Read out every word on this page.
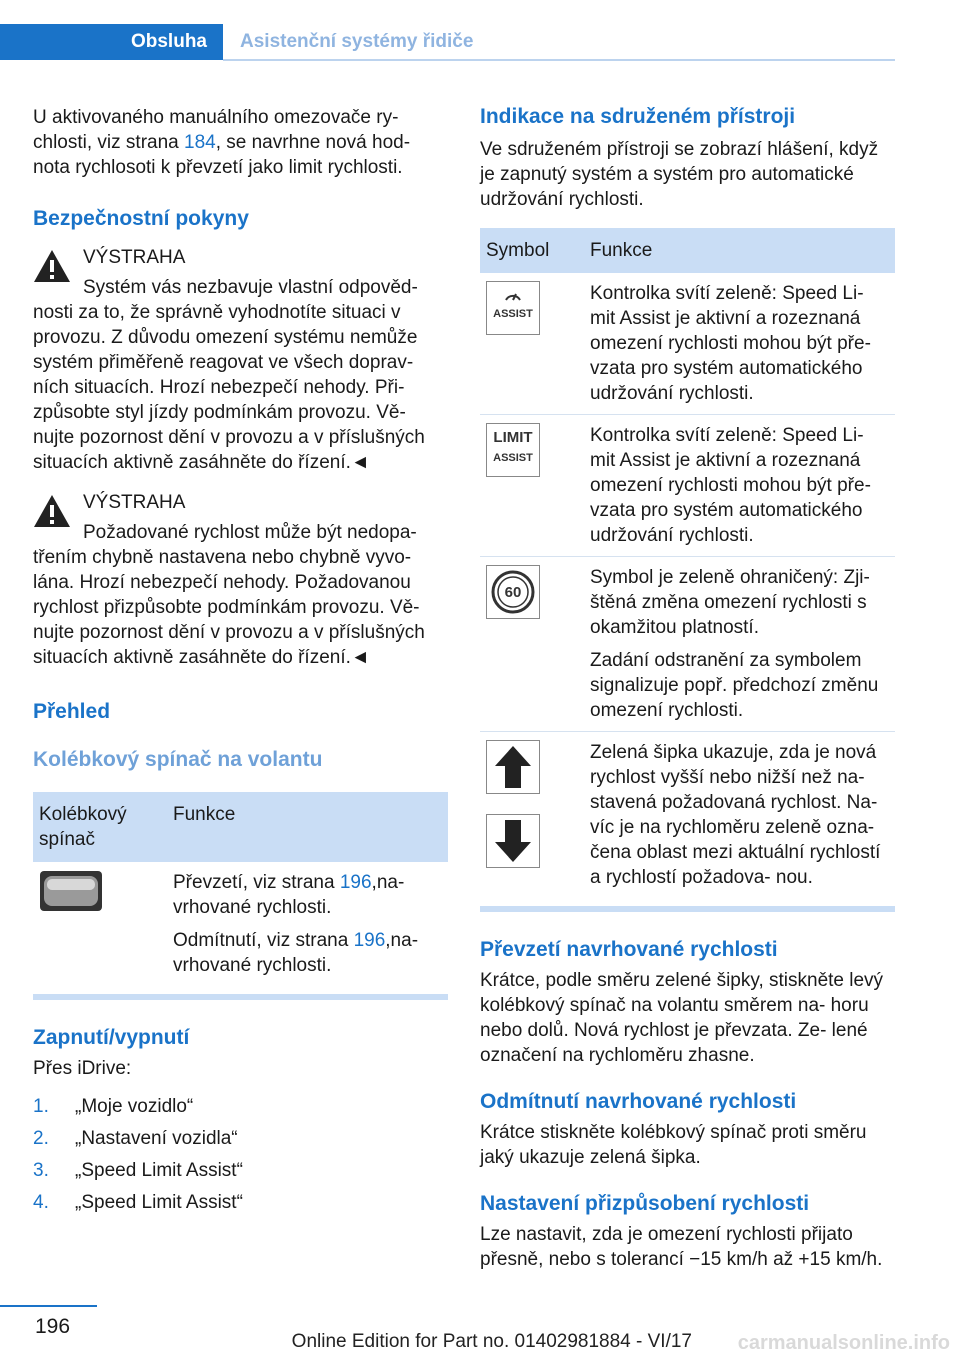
Obsluha	Asistenční systémy řidiče

U aktivovaného manuálního omezovače ry-
chlosti, viz strana 184, se navrhne nová hod-
nota rychlosoti k převzetí jako limit rychlosti.

Bezpečnostní pokyny

VÝSTRAHA

Systém vás nezbavuje vlastní odpověd- nosti za to, že správně vyhodnotíte situaci v provozu. Z důvodu omezení systému nemůže systém přiměřeně reagovat ve všech doprav- ních situacích. Hrozí nebezpečí nehody. Při- způsobte styl jízdy podmínkám provozu. Vě- nujte pozornost dění v provozu a v příslušných situacích aktivně zasáhněte do řízení.◄

VÝSTRAHA

Požadované rychlost může být nedopa- třením chybně nastavena nebo chybně vyvo- lána. Hrozí nebezpečí nehody. Požadovanou rychlost přizpůsobte podmínkám provozu. Vě- nujte pozornost dění v provozu a v příslušných situacích aktivně zasáhněte do řízení.◄

Přehled
Kolébkový spínač na volantu
Kolébkový spínač	Funkce

Převzetí, viz strana 196,na- vrhované rychlosti.

Odmítnutí, viz strana 196,na- vrhované rychlosti.

Zapnutí/vypnutí

Přes iDrive:

1.	„Moje vozidlo“
2.	„Nastavení vozidla“
3.	„Speed Limit Assist“
4.	„Speed Limit Assist“
Indikace na sdruženém přístroji

Ve sdruženém přístroji se zobrazí hlášení, když je zapnutý systém a systém pro automatické udržování rychlosti.

Symbol	Funkce

ASSIST	Kontrolka svítí zeleně: Speed Li- mit Assist je aktivní a rozeznaná omezení rychlosti mohou být pře- vzata pro systém automatického udržování rychlosti.

LIMIT
ASSIST	Kontrolka svítí zeleně: Speed Li- mit Assist je aktivní a rozeznaná omezení rychlosti mohou být pře- vzata pro systém automatického udržování rychlosti.

60	Symbol je zeleně ohraničený: Zji- štěná změna omezení rychlosti s okamžitou platností.

Zadání odstranění za symbolem signalizuje popř. předchozí změnu omezení rychlosti.

Zelená šipka ukazuje, zda je nová rychlost vyšší nebo nižší než na- stavená požadovaná rychlost. Na- víc je na rychloměru zeleně ozna- čena oblast mezi aktuální rychlostí a rychlostí požadova- nou.

Převzetí navrhované rychlosti

Krátce, podle směru zelené šipky, stiskněte levý kolébkový spínač na volantu směrem na- horu nebo dolů. Nová rychlost je převzata. Ze- lené označení na rychloměru zhasne.

Odmítnutí navrhované rychlosti

Krátce stiskněte kolébkový spínač proti směru jaký ukazuje zelená šipka.

Nastavení přizpůsobení rychlosti

Lze nastavit, zda je omezení rychlosti přijato přesně, nebo s tolerancí −15 km/h až +15 km/h.

196
Online Edition for Part no. 01402981884 - VI/17 carmanualsonline.info
